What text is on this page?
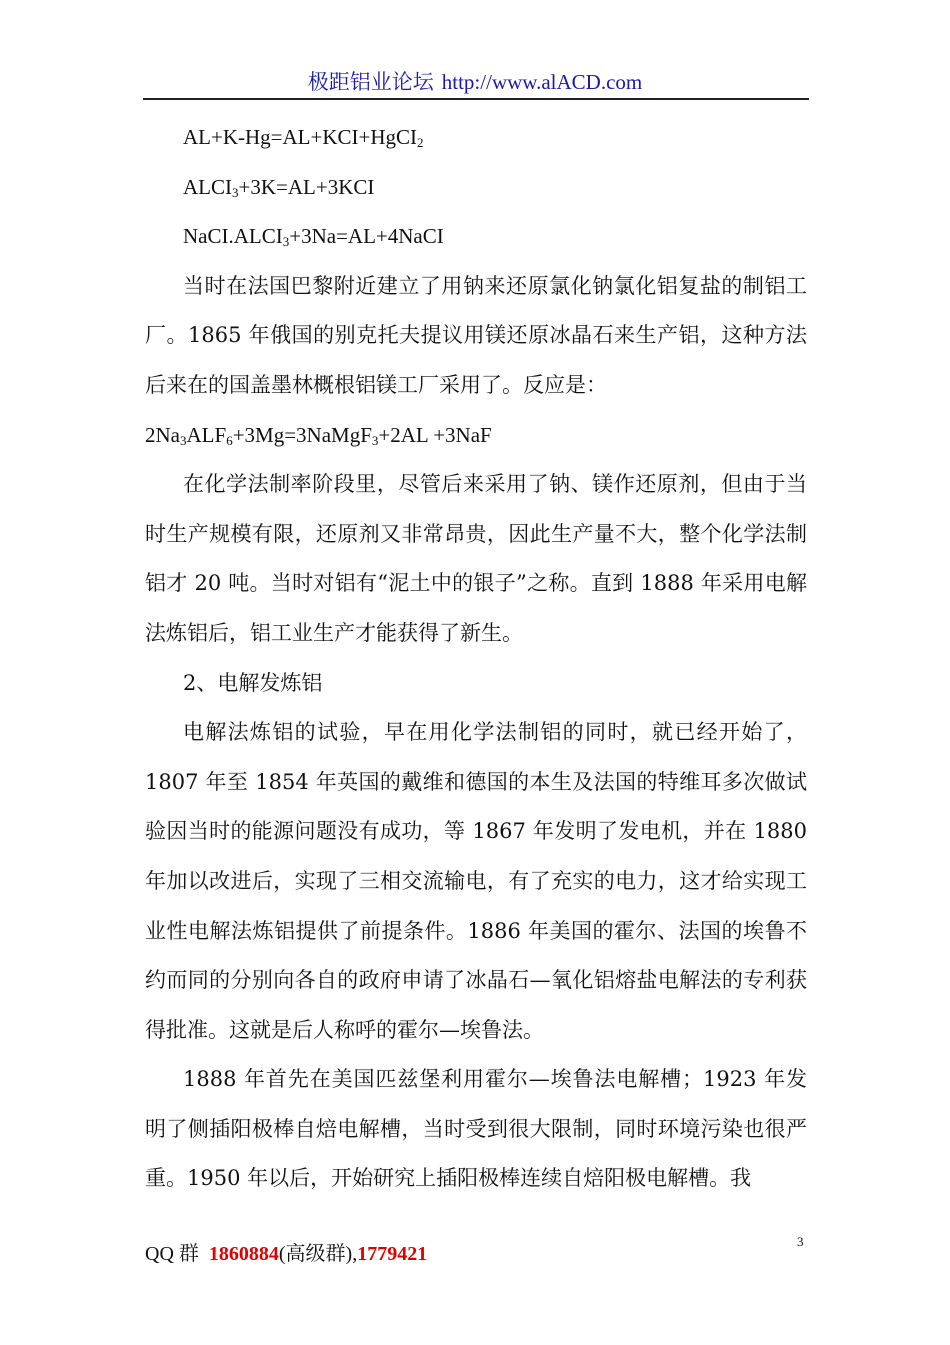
极距铝业论坛 http://www.alACD.com

AL+K-Hg=AL+KCI+HgCI$_2$

$ALCI_3+3K=AL+3KCI$

$NaCI.ALCI_3+3Na=AL+4NaCI$

当时在法国巴黎附近建立了用钠来还原氯化钠氯化铝复盐的制铝工厂。1865 年俄国的别克托夫提议用镁还原冰晶石来生产铝，这种方法后来在的国盖墨林概根铝镁工厂采用了。反应是：

$2Na_3ALF_6+3Mg=3NaMgF_3+2AL +3NaF$

在化学法制率阶段里，尽管后来采用了钠、镁作还原剂，但由于当时生产规模有限，还原剂又非常昂贵，因此生产量不大，整个化学法制铝才 20 吨。当时对铝有“泥土中的银子”之称。直到 1888 年采用电解法炼铝后，铝工业生产才能获得了新生。

2、电解发炼铝

电解法炼铝的试验，早在用化学法制铝的同时，就已经开始了，1807 年至 1854 年英国的戴维和德国的本生及法国的特维耳多次做试验因当时的能源问题没有成功，等 1867 年发明了发电机，并在 1880 年加以改进后，实现了三相交流输电，有了充实的电力，这才给实现工业性电解法炼铝提供了前提条件。1886 年美国的霍尔、法国的埃鲁不约而同的分别向各自的政府申请了冰晶石—氧化铝熔盐电解法的专利获得批准。这就是后人称呼的霍尔—埃鲁法。

1888 年首先在美国匹兹堡利用霍尔—埃鲁法电解槽；1923 年发明了侧插阳极棒自焙电解槽，当时受到很大限制，同时环境污染也很严重。1950 年以后，开始研究上插阳极棒连续自焙阳极电解槽。我

QQ 群 1860884(高级群),1779421
3
